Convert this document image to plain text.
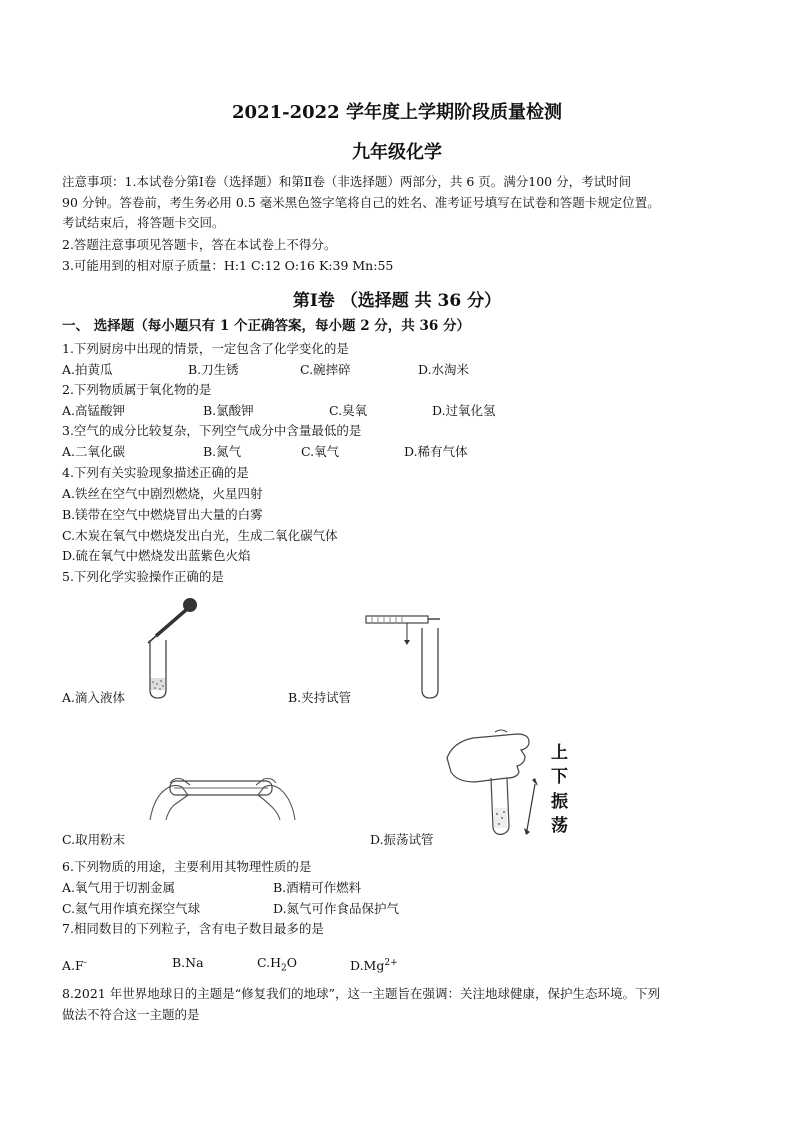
2021-2022 学年度上学期阶段质量检测
九年级化学
注意事项：1.本试卷分第Ⅰ卷（选择题）和第Ⅱ卷（非选择题）两部分，共 6 页。满分100 分，考试时间
90 分钟。答卷前，考生务必用 0.5 毫米黑色签字笔将自己的姓名、准考证号填写在试卷和答题卡规定位置。
考试结束后，将答题卡交回。
2.答题注意事项见答题卡，答在本试卷上不得分。
3.可能用到的相对原子质量：H:1 C:12 O:16 K:39 Mn:55
第Ⅰ卷 （选择题 共 36 分）
一、 选择题（每小题只有 1 个正确答案，每小题 2 分，共 36 分）
1.下列厨房中出现的情景，一定包含了化学变化的是
A.拍黄瓜	B.刀生锈	C.碗摔碎	D.水淘米
2.下列物质属于氧化物的是
A.高锰酸钾	B.氯酸钾	C.臭氧	D.过氧化氢
3.空气的成分比较复杂，下列空气成分中含量最低的是
A.二氧化碳	B.氮气	C.氧气	D.稀有气体
4.下列有关实验现象描述正确的是
A.铁丝在空气中剧烈燃烧，火星四射
B.镁带在空气中燃烧冒出大量的白雾
C.木炭在氧气中燃烧发出白光，生成二氧化碳气体
D.硫在氧气中燃烧发出蓝紫色火焰
5.下列化学实验操作正确的是
A.滴入液体	B.夹持试管
C.取用粉末
上
下
振
荡
D.振荡试管
6.下列物质的用途，主要利用其物理性质的是
A.氧气用于切割金属	B.酒精可作燃料
C.氦气用作填充探空气球	D.氮气可作食品保护气
7.相同数目的下列粒子，含有电子数目最多的是
A.F-	B.Na	$C.H_2O$	$D.Mg^{2+}$
8.2021 年世界地球日的主题是“修复我们的地球”，这一主题旨在强调：关注地球健康，保护生态环境。下列
做法不符合这一主题的是
